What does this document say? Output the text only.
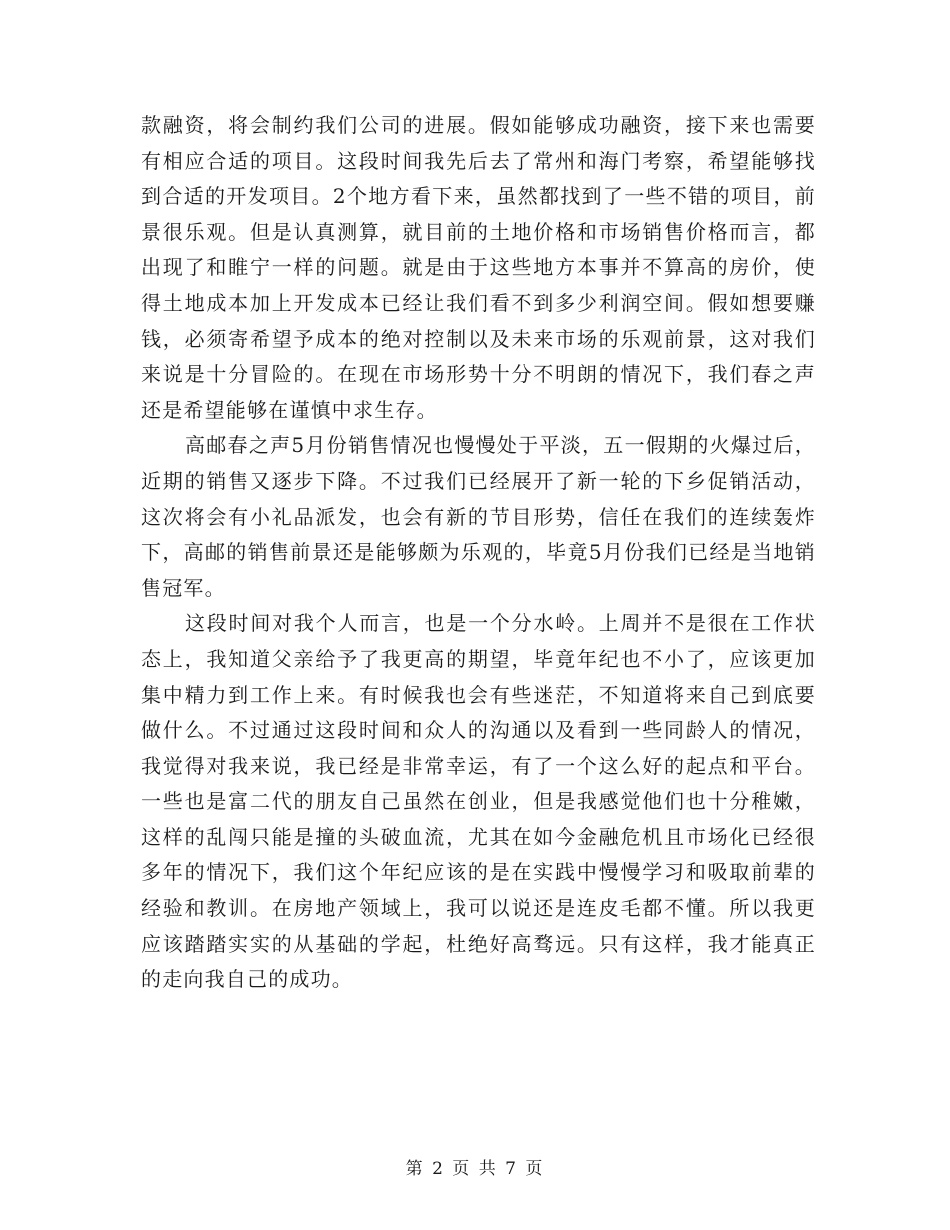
款融资，将会制约我们公司的进展。假如能够成功融资，接下来也需要有相应合适的项目。这段时间我先后去了常州和海门考察，希望能够找到合适的开发项目。2个地方看下来，虽然都找到了一些不错的项目，前景很乐观。但是认真测算，就目前的土地价格和市场销售价格而言，都出现了和睢宁一样的问题。就是由于这些地方本事并不算高的房价，使得土地成本加上开发成本已经让我们看不到多少利润空间。假如想要赚钱，必须寄希望予成本的绝对控制以及未来市场的乐观前景，这对我们来说是十分冒险的。在现在市场形势十分不明朗的情况下，我们春之声还是希望能够在谨慎中求生存。

高邮春之声5月份销售情况也慢慢处于平淡，五一假期的火爆过后，近期的销售又逐步下降。不过我们已经展开了新一轮的下乡促销活动，这次将会有小礼品派发，也会有新的节目形势，信任在我们的连续轰炸下，高邮的销售前景还是能够颇为乐观的，毕竟5月份我们已经是当地销售冠军。

这段时间对我个人而言，也是一个分水岭。上周并不是很在工作状态上，我知道父亲给予了我更高的期望，毕竟年纪也不小了，应该更加集中精力到工作上来。有时候我也会有些迷茫，不知道将来自己到底要做什么。不过通过这段时间和众人的沟通以及看到一些同龄人的情况，我觉得对我来说，我已经是非常幸运，有了一个这么好的起点和平台。一些也是富二代的朋友自己虽然在创业，但是我感觉他们也十分稚嫩，这样的乱闯只能是撞的头破血流，尤其在如今金融危机且市场化已经很多年的情况下，我们这个年纪应该的是在实践中慢慢学习和吸取前辈的经验和教训。在房地产领域上，我可以说还是连皮毛都不懂。所以我更应该踏踏实实的从基础的学起，杜绝好高骛远。只有这样，我才能真正的走向我自己的成功。

第 2 页 共 7 页
